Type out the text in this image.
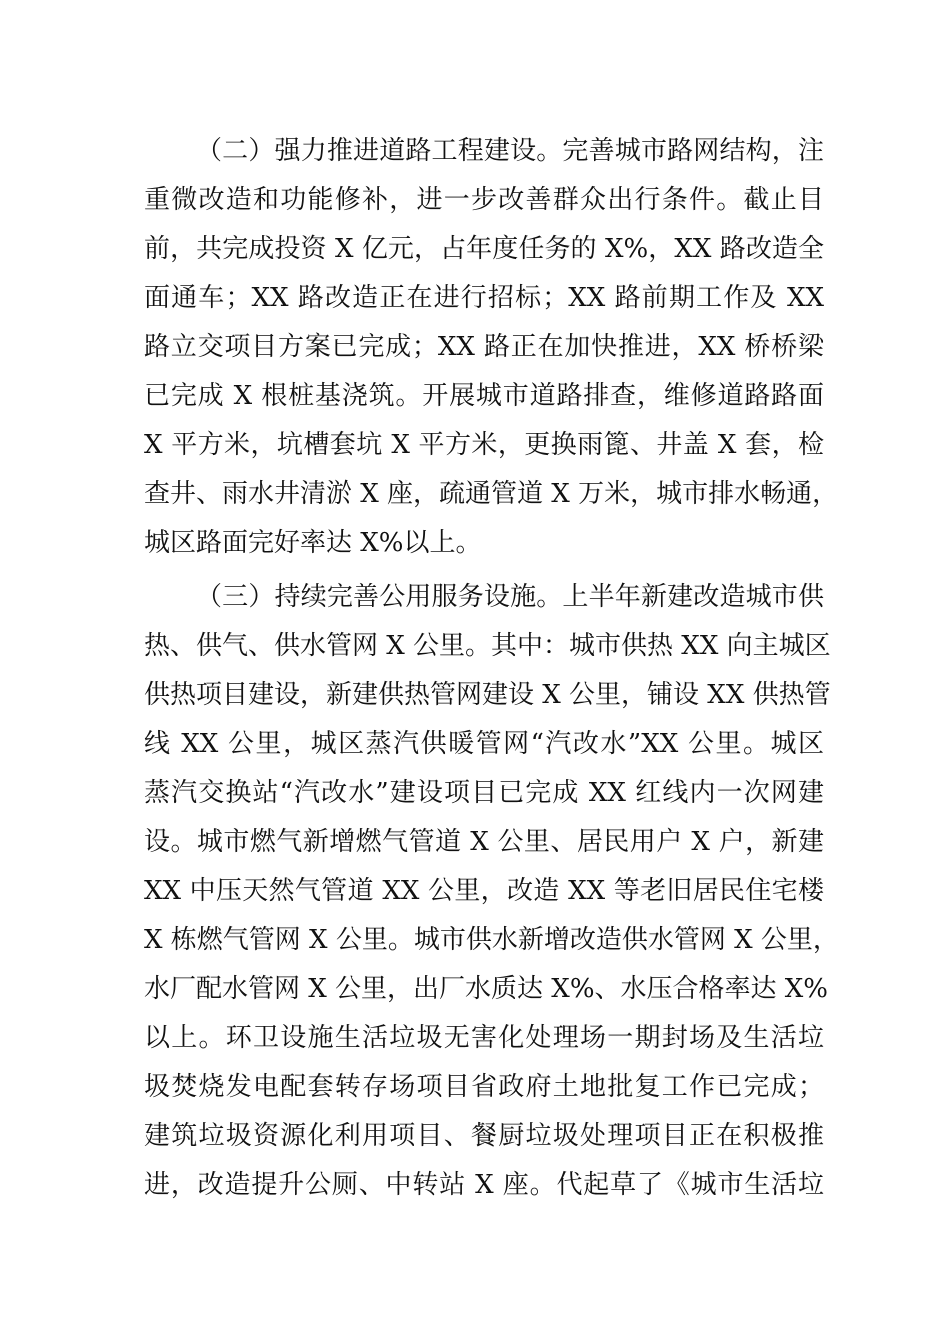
（二）强力推进道路工程建设。完善城市路网结构，注
重微改造和功能修补，进一步改善群众出行条件。截止目
前，共完成投资 X 亿元，占年度任务的 X%，XX 路改造全
面通车；XX 路改造正在进行招标；XX 路前期工作及 XX
路立交项目方案已完成；XX 路正在加快推进，XX 桥桥梁
已完成 X 根桩基浇筑。开展城市道路排查，维修道路路面
X 平方米，坑槽套坑 X 平方米，更换雨篦、井盖 X 套，检
查井、雨水井清淤 X 座，疏通管道 X 万米，城市排水畅通，
城区路面完好率达 X%以上。
（三）持续完善公用服务设施。上半年新建改造城市供
热、供气、供水管网 X 公里。其中：城市供热 XX 向主城区
供热项目建设，新建供热管网建设 X 公里，铺设 XX 供热管
线 XX 公里，城区蒸汽供暖管网“汽改水”XX 公里。城区
蒸汽交换站“汽改水”建设项目已完成 XX 红线内一次网建
设。城市燃气新增燃气管道 X 公里、居民用户 X 户，新建
XX 中压天然气管道 XX 公里，改造 XX 等老旧居民住宅楼
X 栋燃气管网 X 公里。城市供水新增改造供水管网 X 公里，
水厂配水管网 X 公里，出厂水质达 X%、水压合格率达 X%
以上。环卫设施生活垃圾无害化处理场一期封场及生活垃
圾焚烧发电配套转存场项目省政府土地批复工作已完成；
建筑垃圾资源化利用项目、餐厨垃圾处理项目正在积极推
进，改造提升公厕、中转站 X 座。代起草了《城市生活垃
